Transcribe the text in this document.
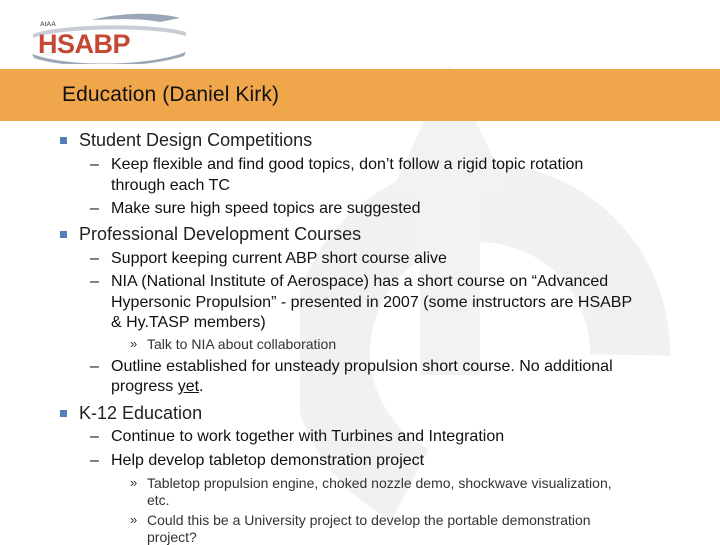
AIAA
HSABP
Education (Daniel Kirk)
Student Design Competitions
– Keep flexible and find good topics, don’t follow a rigid topic rotation
through each TC
– Make sure high speed topics are suggested
Professional Development Courses
– Support keeping current ABP short course alive
– NIA (National Institute of Aerospace) has a short course on “Advanced
Hypersonic Propulsion” - presented in 2007 (some instructors are HSABP
& Hy.TASP members)
» Talk to NIA about collaboration
– Outline established for unsteady propulsion short course. No additional
progress yet.
K-12 Education
– Continue to work together with Turbines and Integration
– Help develop tabletop demonstration project
» Tabletop propulsion engine, choked nozzle demo, shockwave visualization,
etc.
» Could this be a University project to develop the portable demonstration
project?
